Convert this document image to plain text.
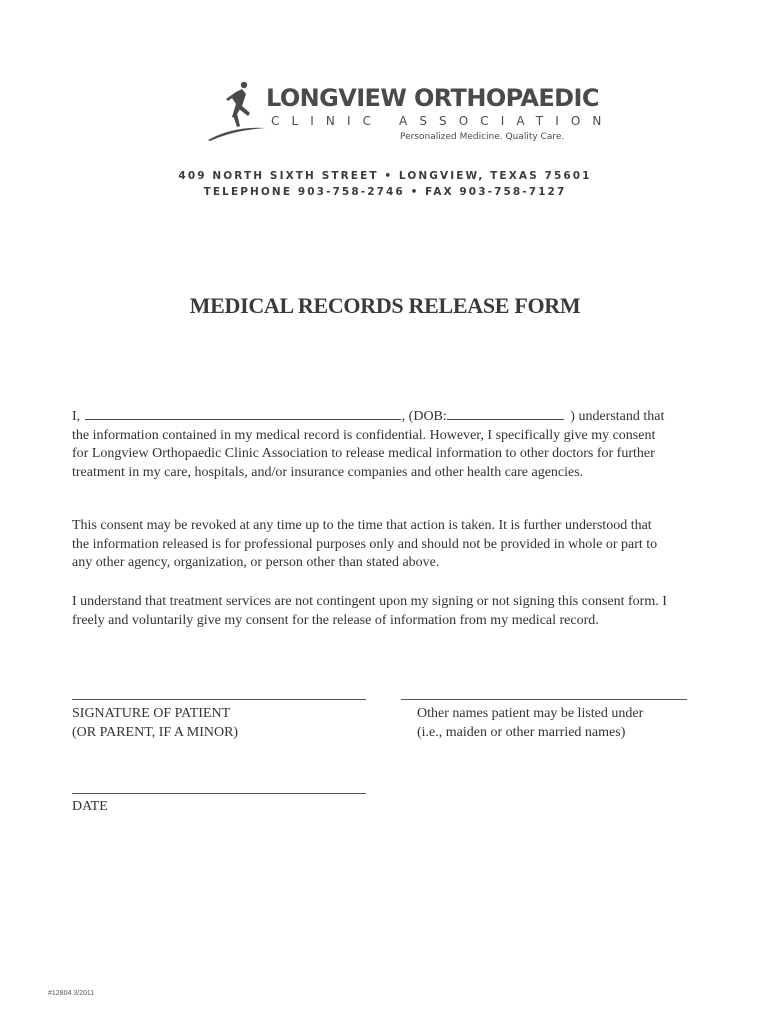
LONGVIEW ORTHOPAEDIC
CLINIC ASSOCIATION
Personalized Medicine. Quality Care.
409 NORTH SIXTH STREET • LONGVIEW, TEXAS 75601
TELEPHONE 903-758-2746 • FAX 903-758-7127
MEDICAL RECORDS RELEASE FORM

I,	, (DOB:	) understand that the information contained in my medical record is confidential. However, I specifically give my consent for Longview Orthopaedic Clinic Association to release medical information to other doctors for further treatment in my care, hospitals, and/or insurance companies and other health care agencies.

This consent may be revoked at any time up to the time that action is taken. It is further understood that the information released is for professional purposes only and should not be provided in whole or part to any other agency, organization, or person other than stated above.

I understand that treatment services are not contingent upon my signing or not signing this consent form. I freely and voluntarily give my consent for the release of information from my medical record.

SIGNATURE OF PATIENT
(OR PARENT, IF A MINOR)
Other names patient may be listed under
(i.e., maiden or other married names)
DATE
#12804 3/2011
